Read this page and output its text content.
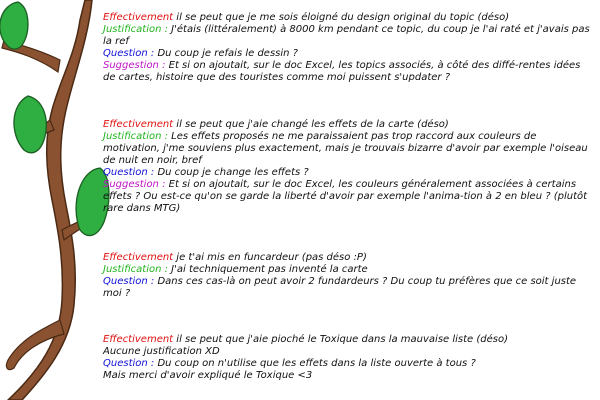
Effectivement il se peut que je me sois éloigné du design original du topic (déso)

Justification : J'étais (littéralement) à 8000 km pendant ce topic, du coup je l'ai raté et j'avais pas la ref

Question : Du coup je refais le dessin ?

Suggestion : Et si on ajoutait, sur le doc Excel, les topics associés, à côté des diffé-rentes idées de cartes, histoire que des touristes comme moi puissent s'updater ?

Effectivement il se peut que j'aie changé les effets de la carte (déso)

Justification : Les effets proposés ne me paraissaient pas trop raccord aux couleurs de motivation, j'me souviens plus exactement, mais je trouvais bizarre d'avoir par exemple l'oiseau de nuit en noir, bref

Question : Du coup je change les effets ?

Suggestion : Et si on ajoutait, sur le doc Excel, les couleurs généralement associées à certains effets ? Ou est-ce qu'on se garde la liberté d'avoir par exemple l'anima-tion à 2 en bleu ? (plutôt rare dans MTG)

Effectivement je t'ai mis en funcardeur (pas déso :P)

Justification : J'ai techniquement pas inventé la carte

Question : Dans ces cas-là on peut avoir 2 fundardeurs ? Du coup tu préfères que ce soit juste moi ?

Effectivement il se peut que j'aie pioché le Toxique dans la mauvaise liste (déso)

Aucune justification XD

Question : Du coup on n'utilise que les effets dans la liste ouverte à tous ?

Mais merci d'avoir expliqué le Toxique <3
